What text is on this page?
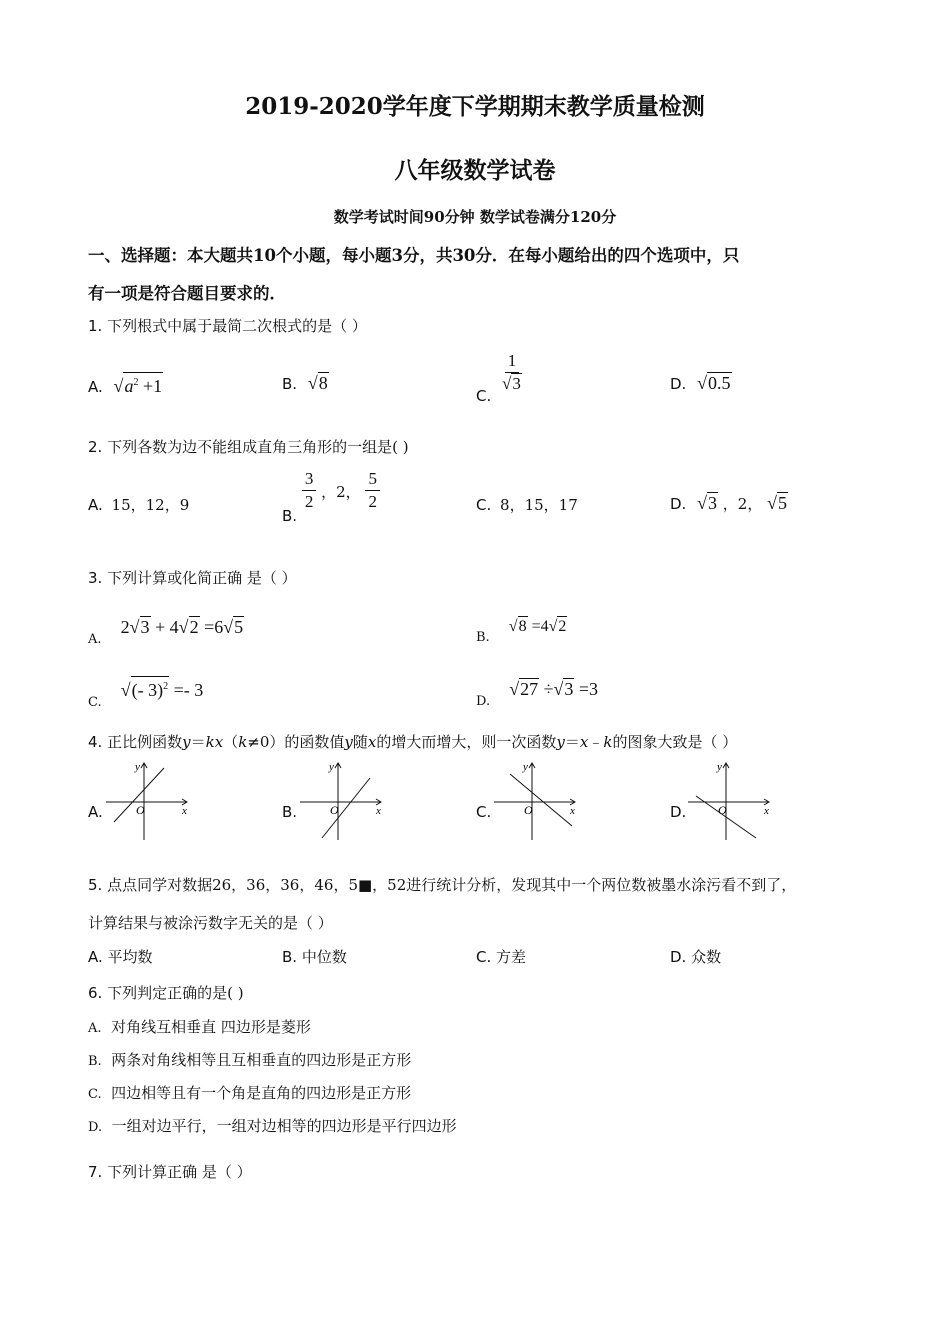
2019-2020学年度下学期期末教学质量检测
八年级数学试卷
数学考试时间90分钟 数学试卷满分120分
一、选择题：本大题共10个小题，每小题3分，共30分．在每小题给出的四个选项中，只
有一项是符合题目要求的．
1. 下列根式中属于最简二次根式的是（ ）
A. $√a^2 +1$	B. √8
C.
$\frac{1}{√3}$	D. √0.5
2. 下列各数为边不能组成直角三角形的一组是( )
A. 15，12，9
B.
$\frac{3}{2}$ ，2， $\frac{5}{2}$	C. 8，15，17	D. √3 ，2， √5
3. 下列计算或化简正确 是（ ）
$_{A.}$ 2√3 + 4√2 =6√5
$_{B.}$ √8 =4√2
$_{C.}$ √(- 3)$^2$ =- 3
$_{D.}$ √27 ÷√3 =3
4. 正比例函数y＝kx（k≠0）的函数值y随x的增大而增大，则一次函数y＝x﹣k的图象大致是（ ）
A.
y
x
O	B.
y
x
O	C.
y
x
O	D.
y
x
O
5. 点点同学对数据26，36，36，46，5■，52进行统计分析，发现其中一个两位数被墨水涂污看不到了，
计算结果与被涂污数字无关的是（ ）
A. 平均数	B. 中位数	C. 方差	D. 众数
6. 下列判定正确的是( )
A. 对角线互相垂直 四边形是菱形
B. 两条对角线相等且互相垂直的四边形是正方形
C. 四边相等且有一个角是直角的四边形是正方形
D. 一组对边平行，一组对边相等的四边形是平行四边形
7. 下列计算正确 是（ ）
